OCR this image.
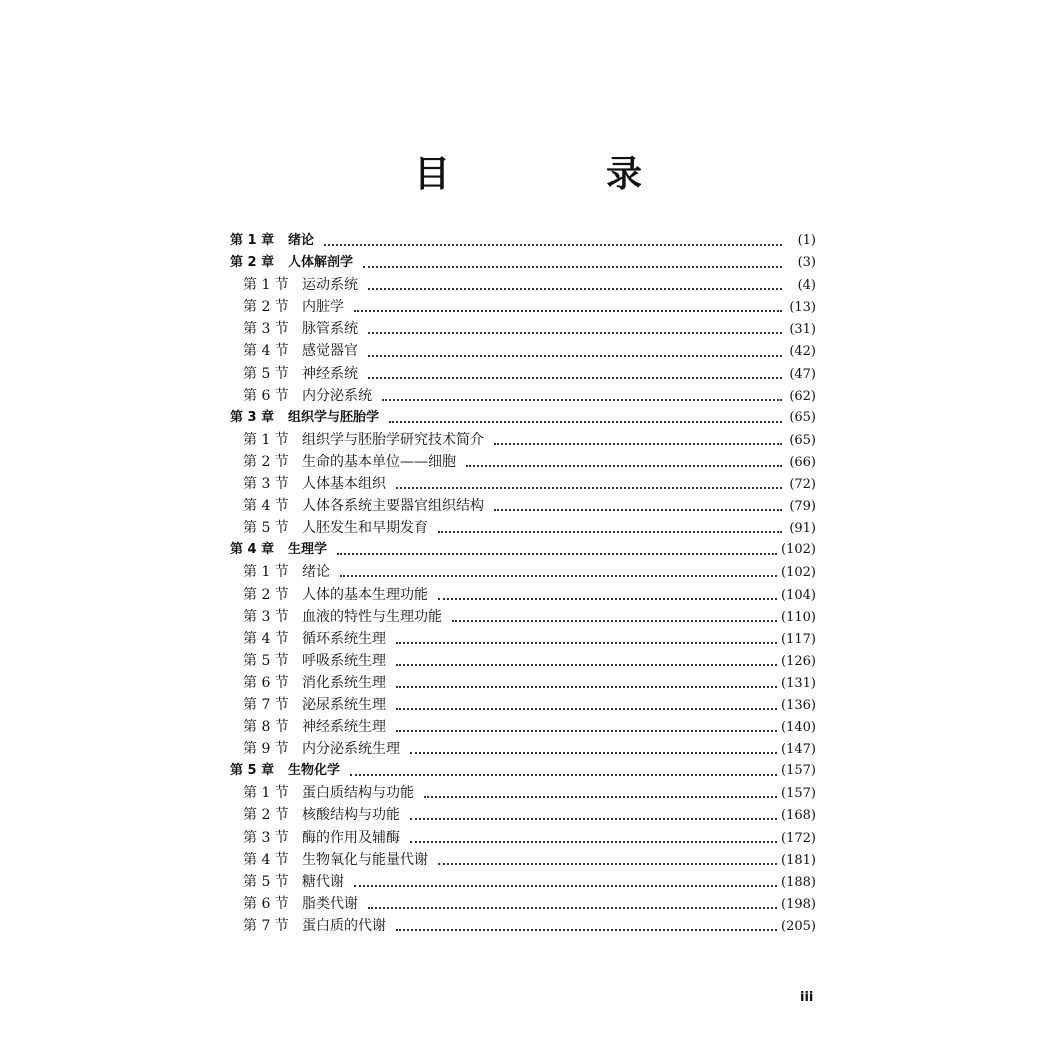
目　录
第 1 章	绪论	(1)
第 2 章	人体解剖学	(3)
第 1 节 运动系统	(4)
第 2 节 内脏学	(13)
第 3 节 脉管系统	(31)
第 4 节 感觉器官	(42)
第 5 节 神经系统	(47)
第 6 节 内分泌系统	(62)
第 3 章	组织学与胚胎学	(65)
第 1 节 组织学与胚胎学研究技术简介	(65)
第 2 节 生命的基本单位——细胞	(66)
第 3 节 人体基本组织	(72)
第 4 节 人体各系统主要器官组织结构	(79)
第 5 节 人胚发生和早期发育	(91)
第 4 章	生理学	(102)
第 1 节 绪论	(102)
第 2 节 人体的基本生理功能	(104)
第 3 节 血液的特性与生理功能	(110)
第 4 节 循环系统生理	(117)
第 5 节 呼吸系统生理	(126)
第 6 节 消化系统生理	(131)
第 7 节 泌尿系统生理	(136)
第 8 节 神经系统生理	(140)
第 9 节 内分泌系统生理	(147)
第 5 章	生物化学	(157)
第 1 节 蛋白质结构与功能	(157)
第 2 节 核酸结构与功能	(168)
第 3 节 酶的作用及辅酶	(172)
第 4 节 生物氧化与能量代谢	(181)
第 5 节 糖代谢	(188)
第 6 节 脂类代谢	(198)
第 7 节 蛋白质的代谢	(205)
iii
